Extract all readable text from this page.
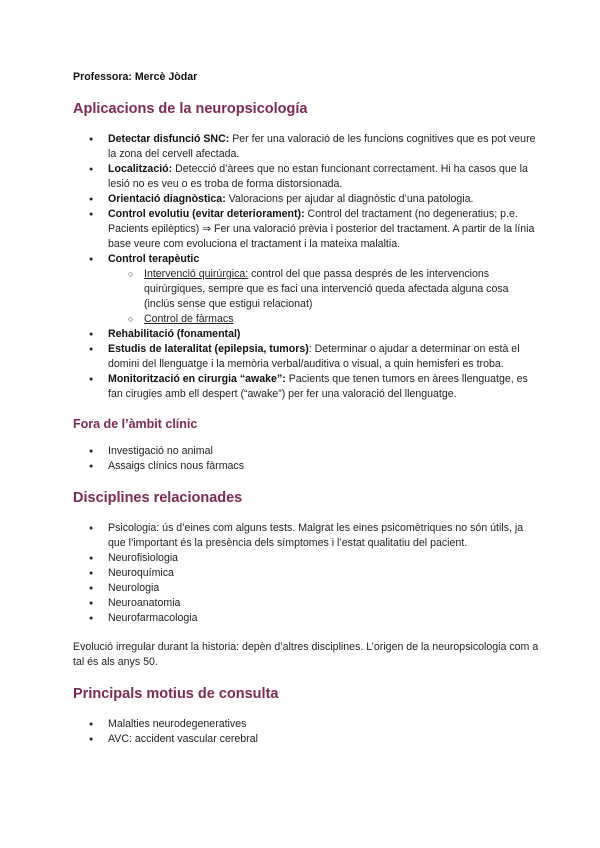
Professora: Mercè Jòdar

Aplicacions de la neuropsicología
● Detectar disfunció SNC: Per fer una valoració de les funcions cognitives que es pot veure la zona del cervell afectada.
● Localització: Detecció d’àrees que no estan funcionant correctament. Hi ha casos que la lesió no es veu o es troba de forma distorsionada.
● Orientació diagnòstica: Valoracions per ajudar al diagnòstic d’una patologia.
● Control evolutiu (evitar deteriorament): Control del tractament (no degeneratius; p.e. Pacients epilèptics) ⇒ Fer una valoració prèvia i posterior del tractament. A partir de la línia base veure com evoluciona el tractament i la mateixa malaltia.
● Control terapèutic
○ Intervenció quirúrgica: control del que passa després de les intervencions quirúrgiques, sempre que es faci una intervenció queda afectada alguna cosa (inclús sense que estigui relacionat)
○ Control de fàrmacs
● Rehabilitació (fonamental)
● Estudis de lateralitat (epilepsia, tumors): Determinar o ajudar a determinar on està el domini del llenguatge i la memòria verbal/auditiva o visual, a quin hemisferi es troba.
● Monitorització en cirurgia “awake”: Pacients que tenen tumors en àrees llenguatge, es fan cirugies amb ell despert (“awake”) per fer una valoració del llenguatge.
Fora de l’àmbit clínic
● Investigació no animal
● Assaigs clínics nous fàrmacs
Disciplines relacionades
● Psicologia: ús d’eines com alguns tests. Malgrat les eines psicomètriques no són útils, ja que l’important és la presència dels símptomes i l’estat qualitatiu del pacient.
● Neurofisiologia
● Neuroquímica
● Neurologia
● Neuroanatomia
● Neurofarmacologia

Evolució irregular durant la historia: depèn d’altres disciplines. L’origen de la neuropsicologia com a tal és als anys 50.

Principals motius de consulta
● Malalties neurodegeneratives
● AVC: accident vascular cerebral
